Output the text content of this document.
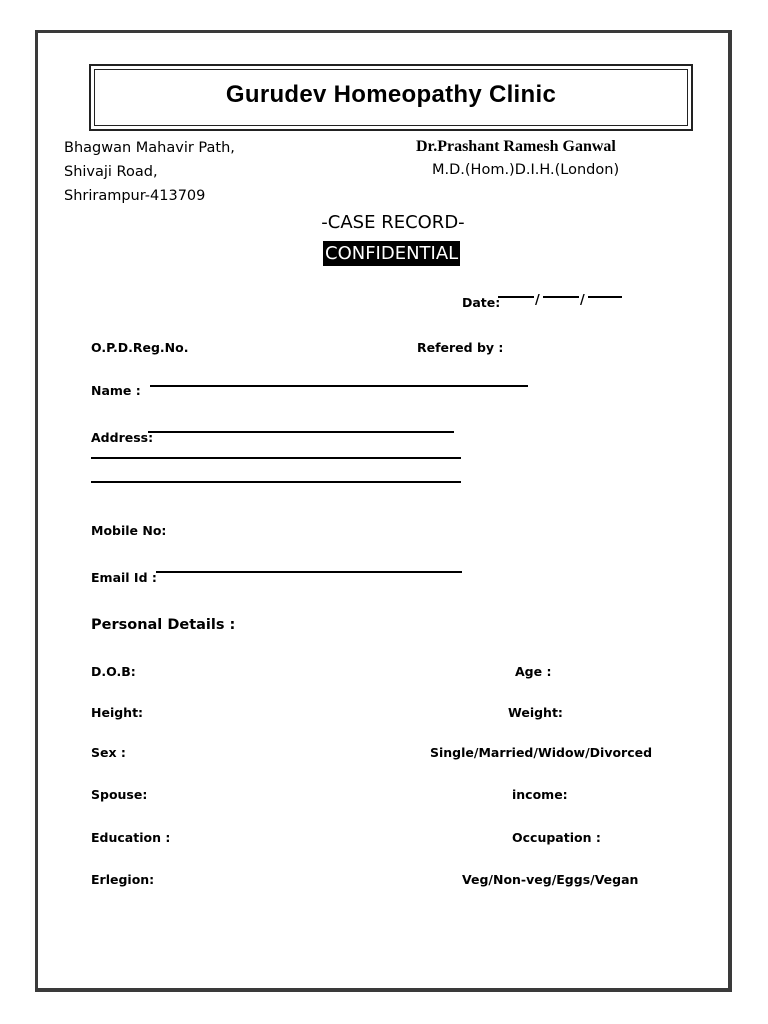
Gurudev Homeopathy Clinic
Bhagwan Mahavir Path,
Shivaji Road,
Shrirampur-413709
Dr.Prashant Ramesh Ganwal
M.D.(Hom.)D.I.H.(London)
-CASE RECORD-
CONFIDENTIAL
Date:	/	/
O.P.D.Reg.No.	Refered by :
Name :
Address:
Mobile No:
Email Id :
Personal Details :
D.O.B:	Age :
Height:	Weight:
Sex :	Single/Married/Widow/Divorced
Spouse:	income:
Education :	Occupation :
Erlegion:	Veg/Non-veg/Eggs/Vegan
